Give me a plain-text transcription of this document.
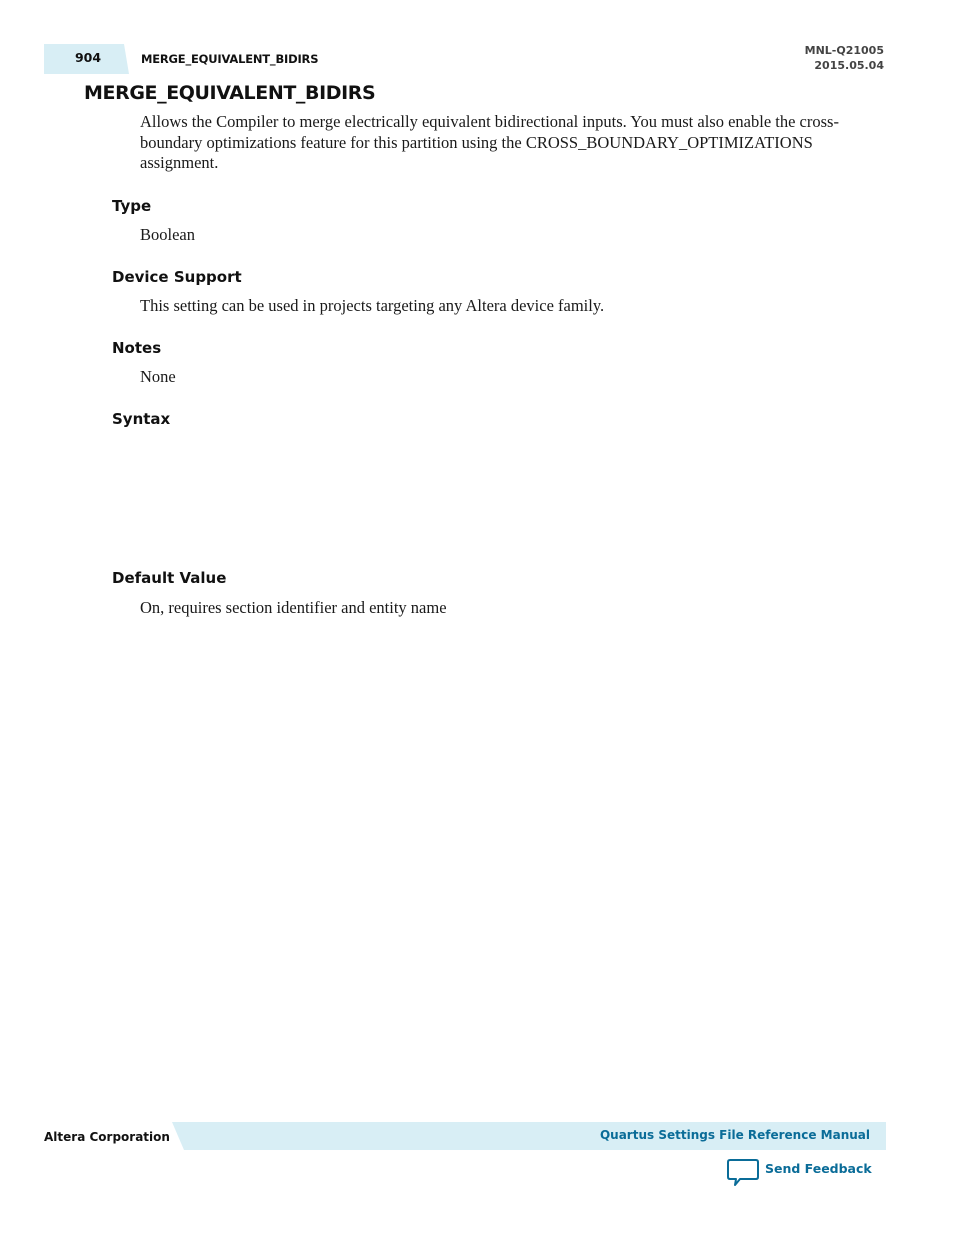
904	MERGE_EQUIVALENT_BIDIRS
MNL-Q21005
2015.05.04
MERGE_EQUIVALENT_BIDIRS
Allows the Compiler to merge electrically equivalent bidirectional inputs. You must also enable the cross-boundary optimizations feature for this partition using the CROSS_BOUNDARY_OPTIMIZATIONS assignment.
Type
Boolean
Device Support
This setting can be used in projects targeting any Altera device family.
Notes
None
Syntax
Default Value
On, requires section identifier and entity name
Altera Corporation	Quartus Settings File Reference Manual
Send Feedback
